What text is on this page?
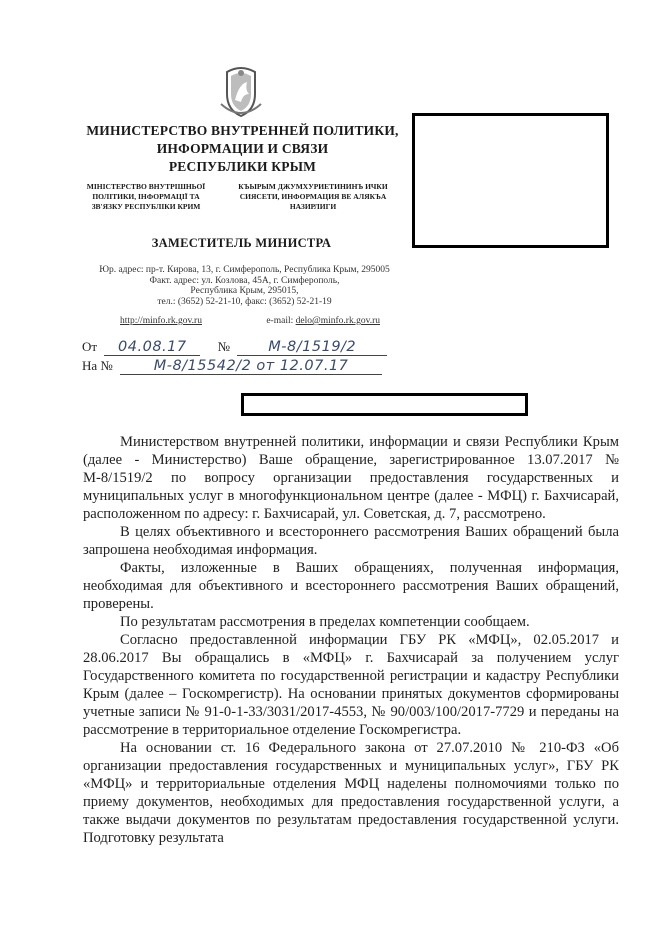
МИНИСТЕРСТВО ВНУТРЕННЕЙ ПОЛИТИКИ,
ИНФОРМАЦИИ И СВЯЗИ
РЕСПУБЛИКИ КРЫМ
МІНІСТЕРСТВО ВНУТРІШНЬОЇ
ПОЛІТИКИ, ІНФОРМАЦІЇ ТА
ЗВ'ЯЗКУ РЕСПУБЛІКИ КРИМ
КЪЫРЫМ ДЖУМХУРИЕТИНИНЪ ИЧКИ
СИЯСЕТИ, ИНФОРМАЦИЯ ВЕ АЛЯКЪА
НАЗИРЛИГИ
ЗАМЕСТИТЕЛЬ МИНИСТРА
Юр. адрес: пр-т. Кирова, 13, г. Симферополь, Республика Крым, 295005
Факт. адрес: ул. Козлова, 45А, г. Симферополь,
Республика Крым, 295015,
тел.: (3652) 52-21-10, факс: (3652) 52-21-19
http://minfo.rk.gov.ru	e-mail: delo@minfo.rk.gov.ru
От 04.08.17 №	М-8/1519/2
На №	М-8/15542/2 от 12.07.17

Министерством внутренней политики, информации и связи Республики Крым (далее - Министерство) Ваше обращение, зарегистрированное 13.07.2017 № М-8/1519/2 по вопросу организации предоставления государственных и муниципальных услуг в многофункциональном центре (далее - МФЦ) г. Бахчисарай, расположенном по адресу: г. Бахчисарай, ул. Советская, д. 7, рассмотрено.

В целях объективного и всестороннего рассмотрения Ваших обращений была запрошена необходимая информация.

Факты, изложенные в Ваших обращениях, полученная информация, необходимая для объективного и всестороннего рассмотрения Ваших обращений, проверены.

По результатам рассмотрения в пределах компетенции сообщаем.

Согласно предоставленной информации ГБУ РК «МФЦ», 02.05.2017 и 28.06.2017 Вы обращались в «МФЦ» г. Бахчисарай за получением услуг Государственного комитета по государственной регистрации и кадастру Республики Крым (далее – Госкомрегистр). На основании принятых документов сформированы учетные записи № 91-0-1-33/3031/2017-4553, № 90/003/100/2017-7729 и переданы на рассмотрение в территориальное отделение Госкомрегистра.

На основании ст. 16 Федерального закона от 27.07.2010 № 210-ФЗ «Об организации предоставления государственных и муниципальных услуг», ГБУ РК «МФЦ» и территориальные отделения МФЦ наделены полномочиями только по приему документов, необходимых для предоставления государственной услуги, а также выдачи документов по результатам предоставления государственной услуги. Подготовку результата
